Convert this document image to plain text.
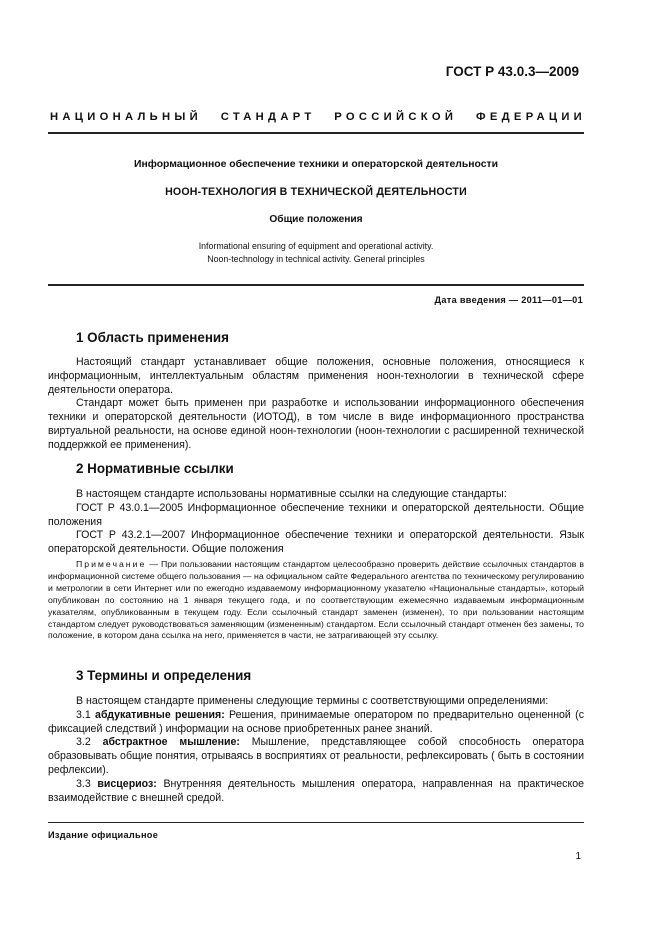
ГОСТ Р 43.0.3—2009
НАЦИОНАЛЬНЫЙ СТАНДАРТ РОССИЙСКОЙ ФЕДЕРАЦИИ
Информационное обеспечение техники и операторской деятельности
НООН-ТЕХНОЛОГИЯ В ТЕХНИЧЕСКОЙ ДЕЯТЕЛЬНОСТИ
Общие положения
Informational ensuring of equipment and operational activity.
Noon-technology in technical activity. General principles
Дата введения — 2011—01—01
1 Область применения

Настоящий стандарт устанавливает общие положения, основные положения, относящиеся к информационным, интеллектуальным областям применения ноон-технологии в технической сфере деятельности оператора.

Стандарт может быть применен при разработке и использовании информационного обеспечения техники и операторской деятельности (ИОТОД), в том числе в виде информационного пространства виртуальной реальности, на основе единой ноон-технологии (ноон-технологии с расширенной технической поддержкой ее применения).

2 Нормативные ссылки

В настоящем стандарте использованы нормативные ссылки на следующие стандарты:

ГОСТ Р 43.0.1—2005 Информационное обеспечение техники и операторской деятельности. Общие положения

ГОСТ Р 43.2.1—2007 Информационное обеспечение техники и операторской деятельности. Язык операторской деятельности. Общие положения

Примечание — При пользовании настоящим стандартом целесообразно проверить действие ссылочных стандартов в информационной системе общего пользования — на официальном сайте Федерального агентства по техническому регулированию и метрологии в сети Интернет или по ежегодно издаваемому информационному указателю «Национальные стандарты», который опубликован по состоянию на 1 января текущего года, и по соответствующим ежемесячно издаваемым информационным указателям, опубликованным в текущем году. Если ссылочный стандарт заменен (изменен), то при пользовании настоящим стандартом следует руководствоваться заменяющим (измененным) стандартом. Если ссылочный стандарт отменен без замены, то положение, в котором дана ссылка на него, применяется в части, не затрагивающей эту ссылку.

3 Термины и определения

В настоящем стандарте применены следующие термины с соответствующими определениями:

3.1 абдукативные решения: Решения, принимаемые оператором по предварительно оцененной (с фиксацией следствий ) информации на основе приобретенных ранее знаний.

3.2 абстрактное мышление: Мышление, представляющее собой способность оператора образовывать общие понятия, отрываясь в восприятиях от реальности, рефлексировать ( быть в состоянии рефлексии).

3.3 висцериоз: Внутренняя деятельность мышления оператора, направленная на практическое взаимодействие с внешней средой.

Издание официальное
1
